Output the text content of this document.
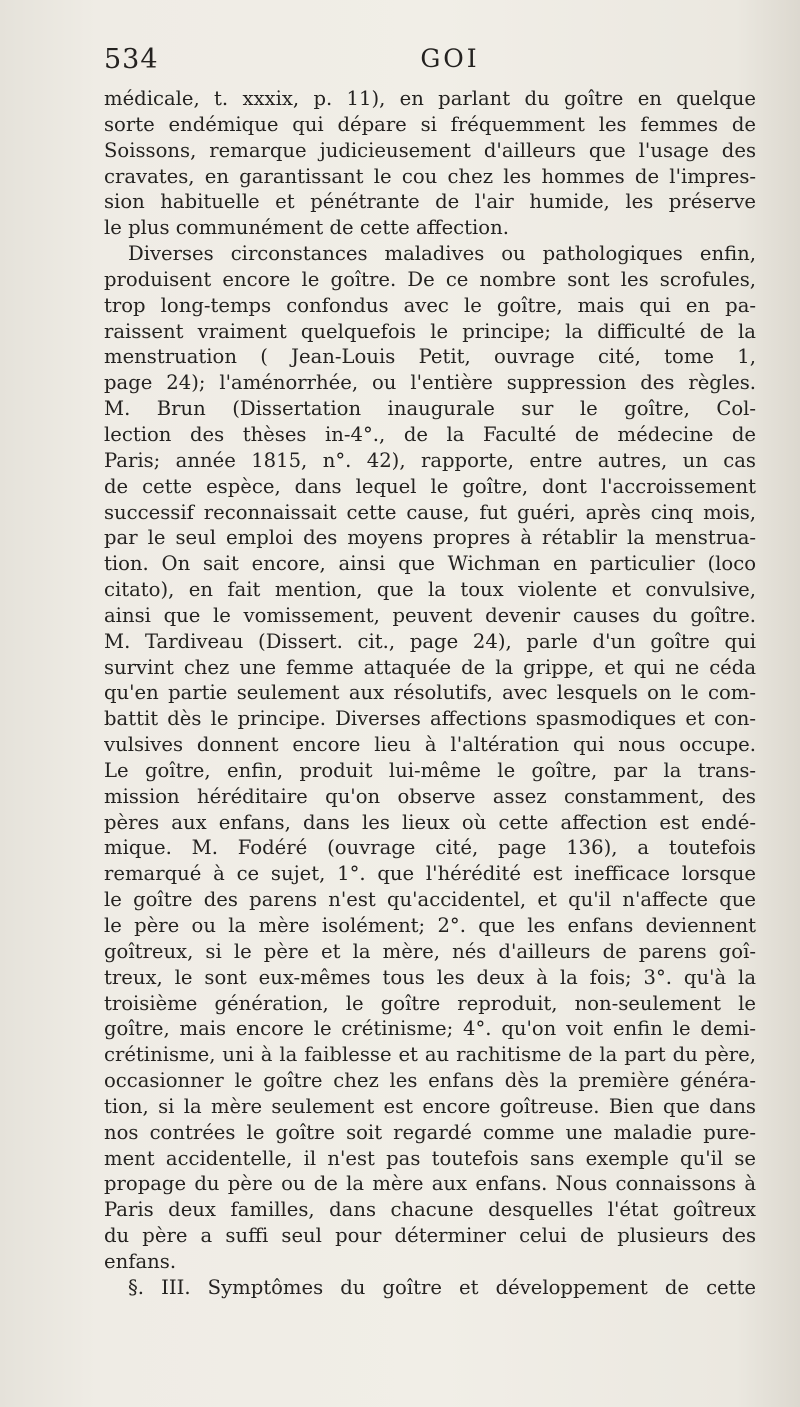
534	GOI
médicale, t. xxxix, p. 11), en parlant du goître en quelque
sorte endémique qui dépare si fréquemment les femmes de
Soissons, remarque judicieusement d'ailleurs que l'usage des
cravates, en garantissant le cou chez les hommes de l'impres-
sion habituelle et pénétrante de l'air humide, les préserve
le plus communément de cette affection.
Diverses circonstances maladives ou pathologiques enfin,
produisent encore le goître. De ce nombre sont les scrofules,
trop long-temps confondus avec le goître, mais qui en pa-
raissent vraiment quelquefois le principe; la difficulté de la
menstruation ( Jean-Louis Petit, ouvrage cité, tome 1,
page 24); l'aménorrhée, ou l'entière suppression des règles.
M. Brun (Dissertation inaugurale sur le goître, Col-
lection des thèses in-4°., de la Faculté de médecine de
Paris; année 1815, n°. 42), rapporte, entre autres, un cas
de cette espèce, dans lequel le goître, dont l'accroissement
successif reconnaissait cette cause, fut guéri, après cinq mois,
par le seul emploi des moyens propres à rétablir la menstrua-
tion. On sait encore, ainsi que Wichman en particulier (loco
citato), en fait mention, que la toux violente et convulsive,
ainsi que le vomissement, peuvent devenir causes du goître.
M. Tardiveau (Dissert. cit., page 24), parle d'un goître qui
survint chez une femme attaquée de la grippe, et qui ne céda
qu'en partie seulement aux résolutifs, avec lesquels on le com-
battit dès le principe. Diverses affections spasmodiques et con-
vulsives donnent encore lieu à l'altération qui nous occupe.
Le goître, enfin, produit lui-même le goître, par la trans-
mission héréditaire qu'on observe assez constamment, des
pères aux enfans, dans les lieux où cette affection est endé-
mique. M. Fodéré (ouvrage cité, page 136), a toutefois
remarqué à ce sujet, 1°. que l'hérédité est inefficace lorsque
le goître des parens n'est qu'accidentel, et qu'il n'affecte que
le père ou la mère isolément; 2°. que les enfans deviennent
goîtreux, si le père et la mère, nés d'ailleurs de parens goî-
treux, le sont eux-mêmes tous les deux à la fois; 3°. qu'à la
troisième génération, le goître reproduit, non-seulement le
goître, mais encore le crétinisme; 4°. qu'on voit enfin le demi-
crétinisme, uni à la faiblesse et au rachitisme de la part du père,
occasionner le goître chez les enfans dès la première généra-
tion, si la mère seulement est encore goîtreuse. Bien que dans
nos contrées le goître soit regardé comme une maladie pure-
ment accidentelle, il n'est pas toutefois sans exemple qu'il se
propage du père ou de la mère aux enfans. Nous connaissons à
Paris deux familles, dans chacune desquelles l'état goîtreux
du père a suffi seul pour déterminer celui de plusieurs des
enfans.
§. III. Symptômes du goître et développement de cette
